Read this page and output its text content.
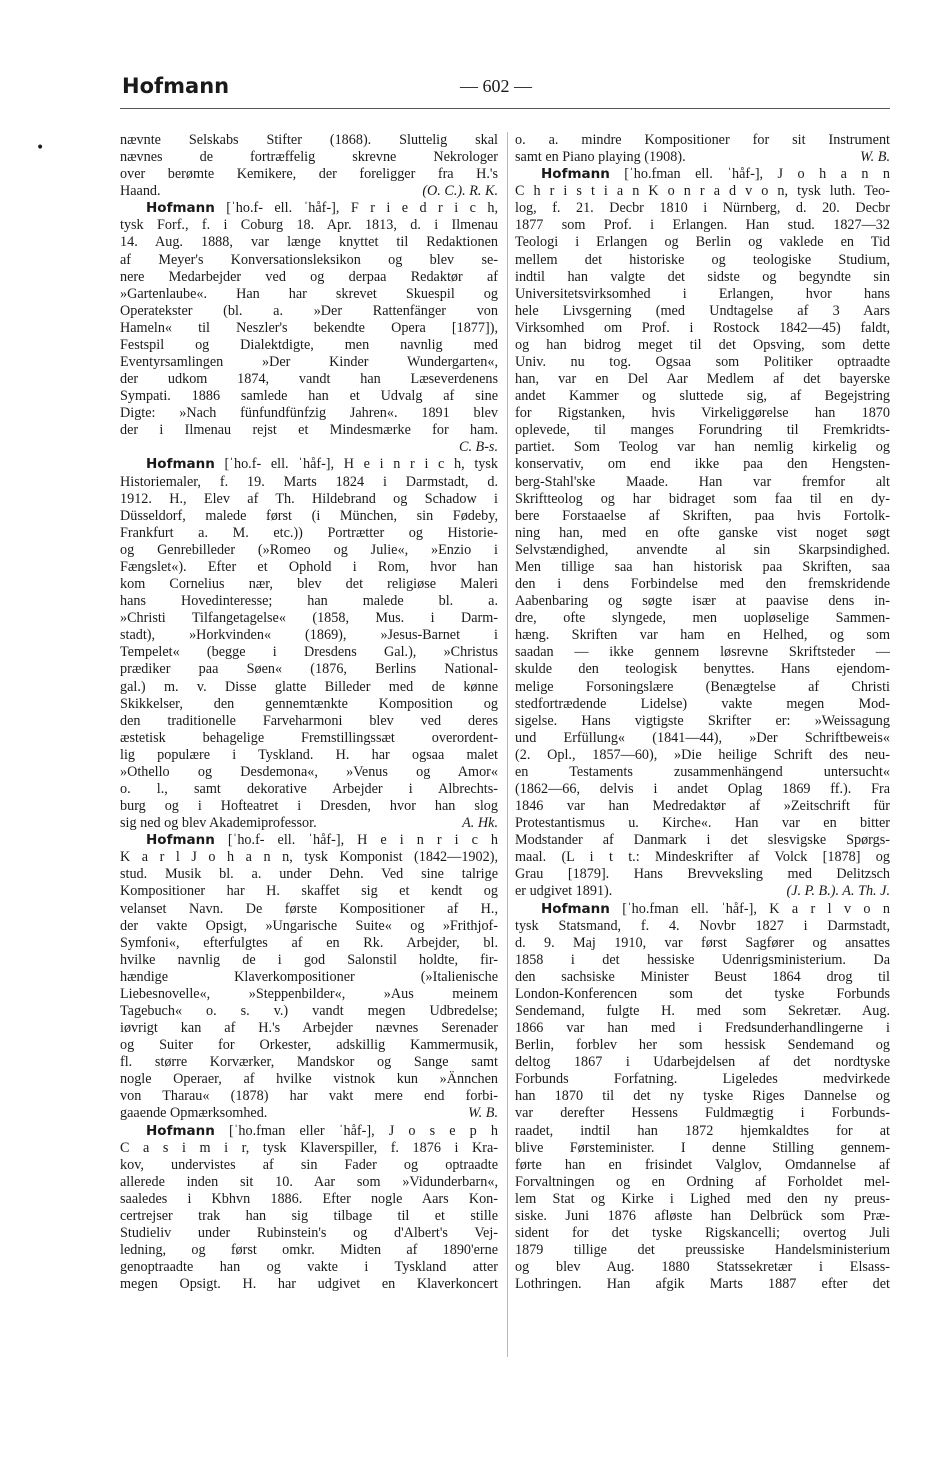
Hofmann	— 602 —
•	nævnte Selskabs Stifter (1868). Sluttelig skal
nævnes de fortræffelig skrevne Nekrologer
over berømte Kemikere, der foreligger fra H.'s
Haand.	(O. C.). R. K.
Hofmann [ˈho.f- ell. ˈhåf-], F r i e d r i c h,
tysk Forf., f. i Coburg 18. Apr. 1813, d. i Ilmenau
14. Aug. 1888, var længe knyttet til Redaktionen
af Meyer's Konversationsleksikon og blev se-
nere Medarbejder ved og derpaa Redaktør af
»Gartenlaube«. Han har skrevet Skuespil og
Operatekster (bl. a. »Der Rattenfänger von
Hameln« til Neszler's bekendte Opera [1877]),
Festspil og Dialektdigte, men navnlig med
Eventyrsamlingen »Der Kinder Wundergarten«,
der udkom 1874, vandt han Læseverdenens
Sympati. 1886 samlede han et Udvalg af sine
Digte: »Nach fünfundfünfzig Jahren«. 1891 blev
der i Ilmenau rejst et Mindesmærke for ham.
C. B-s.
Hofmann [ˈho.f- ell. ˈhåf-], H e i n r i c h, tysk
Historiemaler, f. 19. Marts 1824 i Darmstadt, d.
1912. H., Elev af Th. Hildebrand og Schadow i
Düsseldorf, malede først (i München, sin Fødeby,
Frankfurt a. M. etc.)) Portrætter og Historie-
og Genrebilleder (»Romeo og Julie«, »Enzio i
Fængslet«). Efter et Ophold i Rom, hvor han
kom Cornelius nær, blev det religiøse Maleri
hans Hovedinteresse; han malede bl. a.
»Christi Tilfangetagelse« (1858, Mus. i Darm-
stadt), »Horkvinden« (1869), »Jesus-Barnet i
Tempelet« (begge i Dresdens Gal.), »Christus
prædiker paa Søen« (1876, Berlins National-
gal.) m. v. Disse glatte Billeder med de kønne
Skikkelser, den gennemtænkte Komposition og
den traditionelle Farveharmoni blev ved deres
æstetisk behagelige Fremstillingssæt overordent-
lig populære i Tyskland. H. har ogsaa malet
»Othello og Desdemona«, »Venus og Amor«
o. l., samt dekorative Arbejder i Albrechts-
burg og i Hofteatret i Dresden, hvor han slog
sig ned og blev Akademiprofessor.	A. Hk.
Hofmann [ˈho.f- ell. ˈhåf-], H e i n r i c h
K a r l J o h a n n, tysk Komponist (1842—1902),
stud. Musik bl. a. under Dehn. Ved sine talrige
Kompositioner har H. skaffet sig et kendt og
velanset Navn. De første Kompositioner af H.,
der vakte Opsigt, »Ungarische Suite« og »Frithjof-
Symfoni«, efterfulgtes af en Rk. Arbejder, bl.
hvilke navnlig de i god Salonstil holdte, fir-
hændige Klaverkompositioner (»Italienische
Liebesnovelle«, »Steppenbilder«, »Aus meinem
Tagebuch« o. s. v.) vandt megen Udbredelse;
iøvrigt kan af H.'s Arbejder nævnes Serenader
og Suiter for Orkester, adskillig Kammermusik,
fl. større Korværker, Mandskor og Sange samt
nogle Operaer, af hvilke vistnok kun »Ännchen
von Tharau« (1878) har vakt mere end forbi-
gaaende Opmærksomhed.	W. B.
Hofmann [ˈho.fman eller ˈhåf-], J o s e p h
C a s i m i r, tysk Klaverspiller, f. 1876 i Kra-
kov, undervistes af sin Fader og optraadte
allerede inden sit 10. Aar som »Vidunderbarn«,
saaledes i Kbhvn 1886. Efter nogle Aars Kon-
certrejser trak han sig tilbage til et stille
Studieliv under Rubinstein's og d'Albert's Vej-
ledning, og først omkr. Midten af 1890'erne
genoptraadte han og vakte i Tyskland atter
megen Opsigt. H. har udgivet en Klaverkoncert
o. a. mindre Kompositioner for sit Instrument
samt en Piano playing (1908).	W. B.
Hofmann [ˈho.fman ell. ˈhåf-], J o h a n n
C h r i s t i a n K o n r a d v o n, tysk luth. Teo-
log, f. 21. Decbr 1810 i Nürnberg, d. 20. Decbr
1877 som Prof. i Erlangen. Han stud. 1827—32
Teologi i Erlangen og Berlin og vaklede en Tid
mellem det historiske og teologiske Studium,
indtil han valgte det sidste og begyndte sin
Universitetsvirksomhed i Erlangen, hvor hans
hele Livsgerning (med Undtagelse af 3 Aars
Virksomhed om Prof. i Rostock 1842—45) faldt,
og han bidrog meget til det Opsving, som dette
Univ. nu tog. Ogsaa som Politiker optraadte
han, var en Del Aar Medlem af det bayerske
andet Kammer og sluttede sig, af Begejstring
for Rigstanken, hvis Virkeliggørelse han 1870
oplevede, til manges Forundring til Fremkridts-
partiet. Som Teolog var han nemlig kirkelig og
konservativ, om end ikke paa den Hengsten-
berg-Stahl'ske Maade. Han var fremfor alt
Skriftteolog og har bidraget som faa til en dy-
bere Forstaaelse af Skriften, paa hvis Fortolk-
ning han, med en ofte ganske vist noget søgt
Selvstændighed, anvendte al sin Skarpsindighed.
Men tillige saa han historisk paa Skriften, saa
den i dens Forbindelse med den fremskridende
Aabenbaring og søgte især at paavise dens in-
dre, ofte slyngede, men uopløselige Sammen-
hæng. Skriften var ham en Helhed, og som
saadan — ikke gennem løsrevne Skriftsteder —
skulde den teologisk benyttes. Hans ejendom-
melige Forsoningslære (Benægtelse af Christi
stedfortrædende Lidelse) vakte megen Mod-
sigelse. Hans vigtigste Skrifter er: »Weissagung
und Erfüllung« (1841—44), »Der Schriftbeweis«
(2. Opl., 1857—60), »Die heilige Schrift des neu-
en Testaments zusammenhängend untersucht«
(1862—66, delvis i andet Oplag 1869 ff.). Fra
1846 var han Medredaktør af »Zeitschrift für
Protestantismus u. Kirche«. Han var en bitter
Modstander af Danmark i det slesvigske Spørgs-
maal. (L i t t.: Mindeskrifter af Volck [1878] og
Grau [1879]. Hans Brevveksling med Delitzsch
er udgivet 1891).	(J. P. B.). A. Th. J.
Hofmann [ˈho.fman ell. ˈhåf-], K a r l v o n
tysk Statsmand, f. 4. Novbr 1827 i Darmstadt,
d. 9. Maj 1910, var først Sagfører og ansattes
1858 i det hessiske Udenrigsministerium. Da
den sachsiske Minister Beust 1864 drog til
London-Konferencen som det tyske Forbunds
Sendemand, fulgte H. med som Sekretær. Aug.
1866 var han med i Fredsunderhandlingerne i
Berlin, forblev her som hessisk Sendemand og
deltog 1867 i Udarbejdelsen af det nordtyske
Forbunds Forfatning. Ligeledes medvirkede
han 1870 til det ny tyske Riges Dannelse og
var derefter Hessens Fuldmægtig i Forbunds-
raadet, indtil han 1872 hjemkaldtes for at
blive Førsteminister. I denne Stilling gennem-
førte han en frisindet Valglov, Omdannelse af
Forvaltningen og en Ordning af Forholdet mel-
lem Stat og Kirke i Lighed med den ny preus-
siske. Juni 1876 afløste han Delbrück som Præ-
sident for det tyske Rigskancelli; overtog Juli
1879 tillige det preussiske Handelsministerium
og blev Aug. 1880 Statssekretær i Elsass-
Lothringen. Han afgik Marts 1887 efter det
